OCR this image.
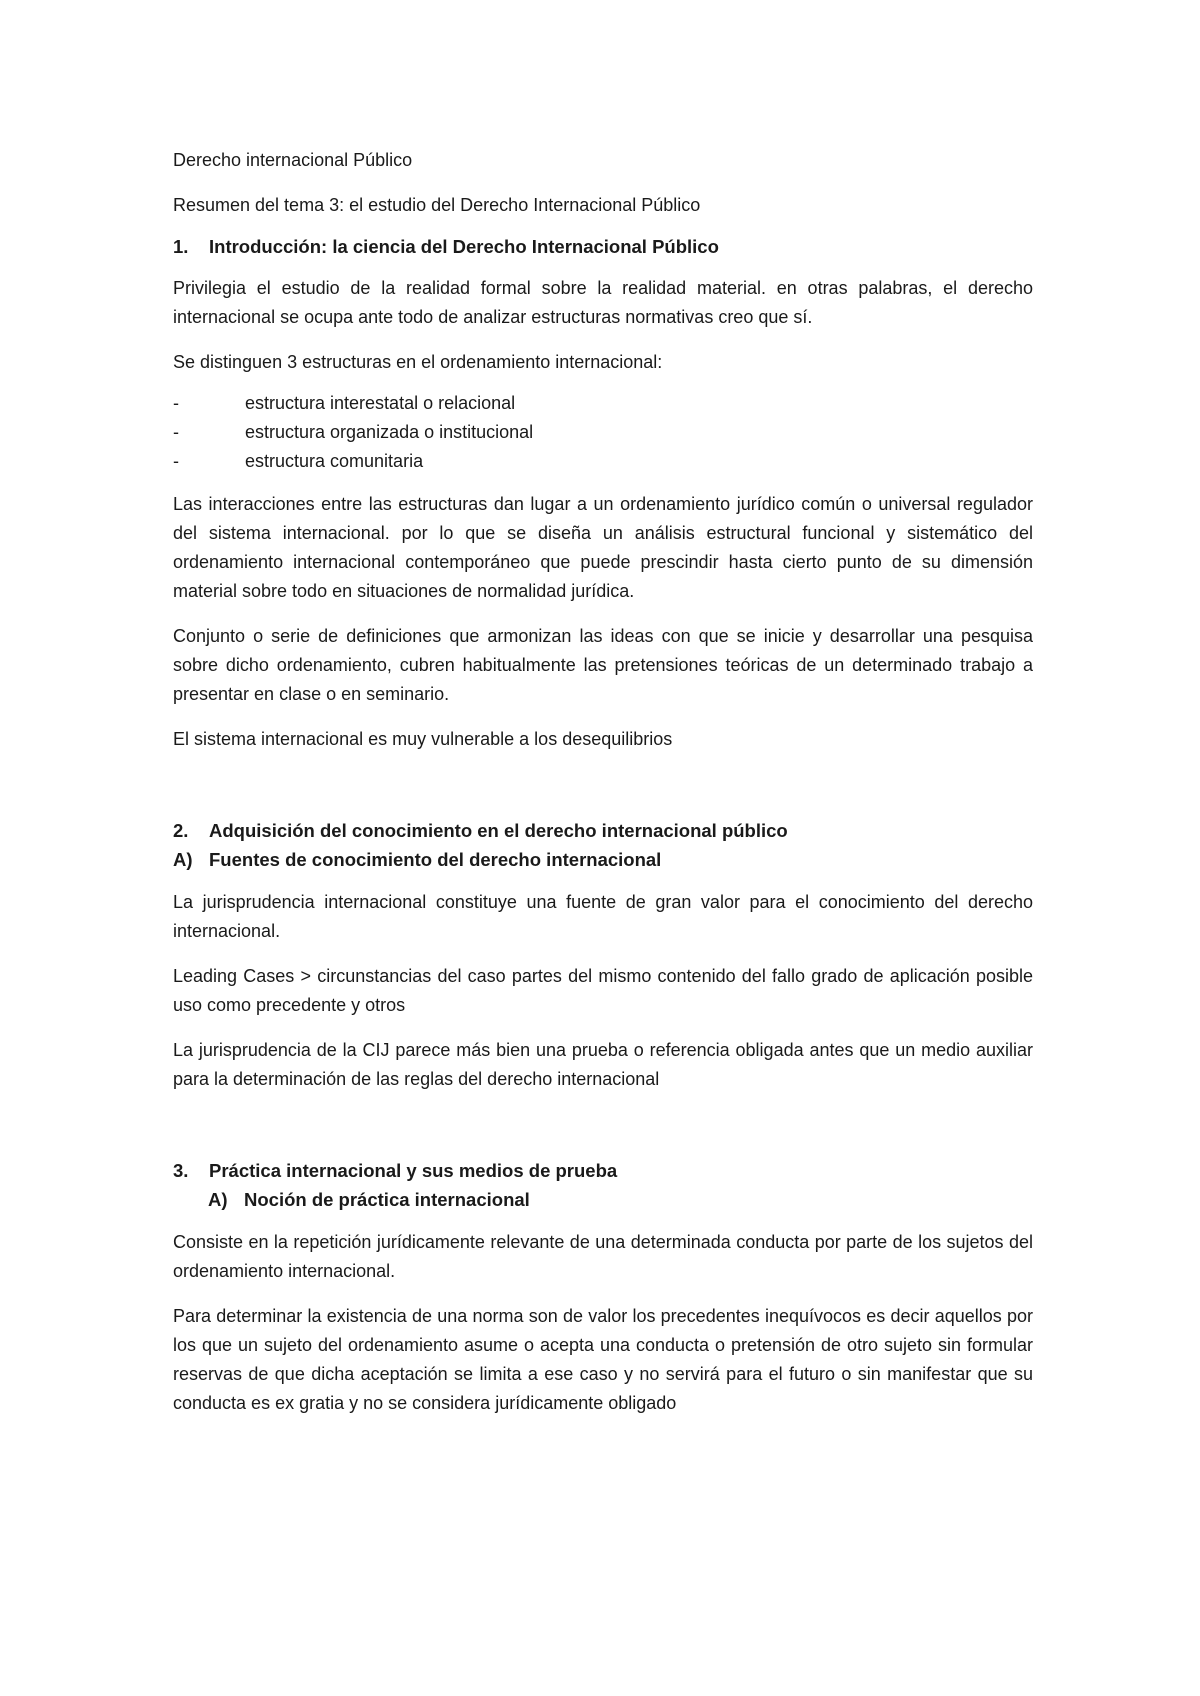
Derecho internacional Público

Resumen del tema 3: el estudio del Derecho Internacional Público

1.	Introducción: la ciencia del Derecho Internacional Público

Privilegia el estudio de la realidad formal sobre la realidad material. en otras palabras, el derecho internacional se ocupa ante todo de analizar estructuras normativas creo que sí.

Se distinguen 3 estructuras en el ordenamiento internacional:

-	estructura interestatal o relacional
-	estructura organizada o institucional
-	estructura comunitaria

Las interacciones entre las estructuras dan lugar a un ordenamiento jurídico común o universal regulador del sistema internacional. por lo que se diseña un análisis estructural funcional y sistemático del ordenamiento internacional contemporáneo que puede prescindir hasta cierto punto de su dimensión material sobre todo en situaciones de normalidad jurídica.

Conjunto o serie de definiciones que armonizan las ideas con que se inicie y desarrollar una pesquisa sobre dicho ordenamiento, cubren habitualmente las pretensiones teóricas de un determinado trabajo a presentar en clase o en seminario.

El sistema internacional es muy vulnerable a los desequilibrios

2.	Adquisición del conocimiento en el derecho internacional público
A) Fuentes de conocimiento del derecho internacional

La jurisprudencia internacional constituye una fuente de gran valor para el conocimiento del derecho internacional.

Leading Cases > circunstancias del caso partes del mismo contenido del fallo grado de aplicación posible uso como precedente y otros

La jurisprudencia de la CIJ parece más bien una prueba o referencia obligada antes que un medio auxiliar para la determinación de las reglas del derecho internacional

3.	Práctica internacional y sus medios de prueba
A) Noción de práctica internacional

Consiste en la repetición jurídicamente relevante de una determinada conducta por parte de los sujetos del ordenamiento internacional.

Para determinar la existencia de una norma son de valor los precedentes inequívocos es decir aquellos por los que un sujeto del ordenamiento asume o acepta una conducta o pretensión de otro sujeto sin formular reservas de que dicha aceptación se limita a ese caso y no servirá para el futuro o sin manifestar que su conducta es ex gratia y no se considera jurídicamente obligado
